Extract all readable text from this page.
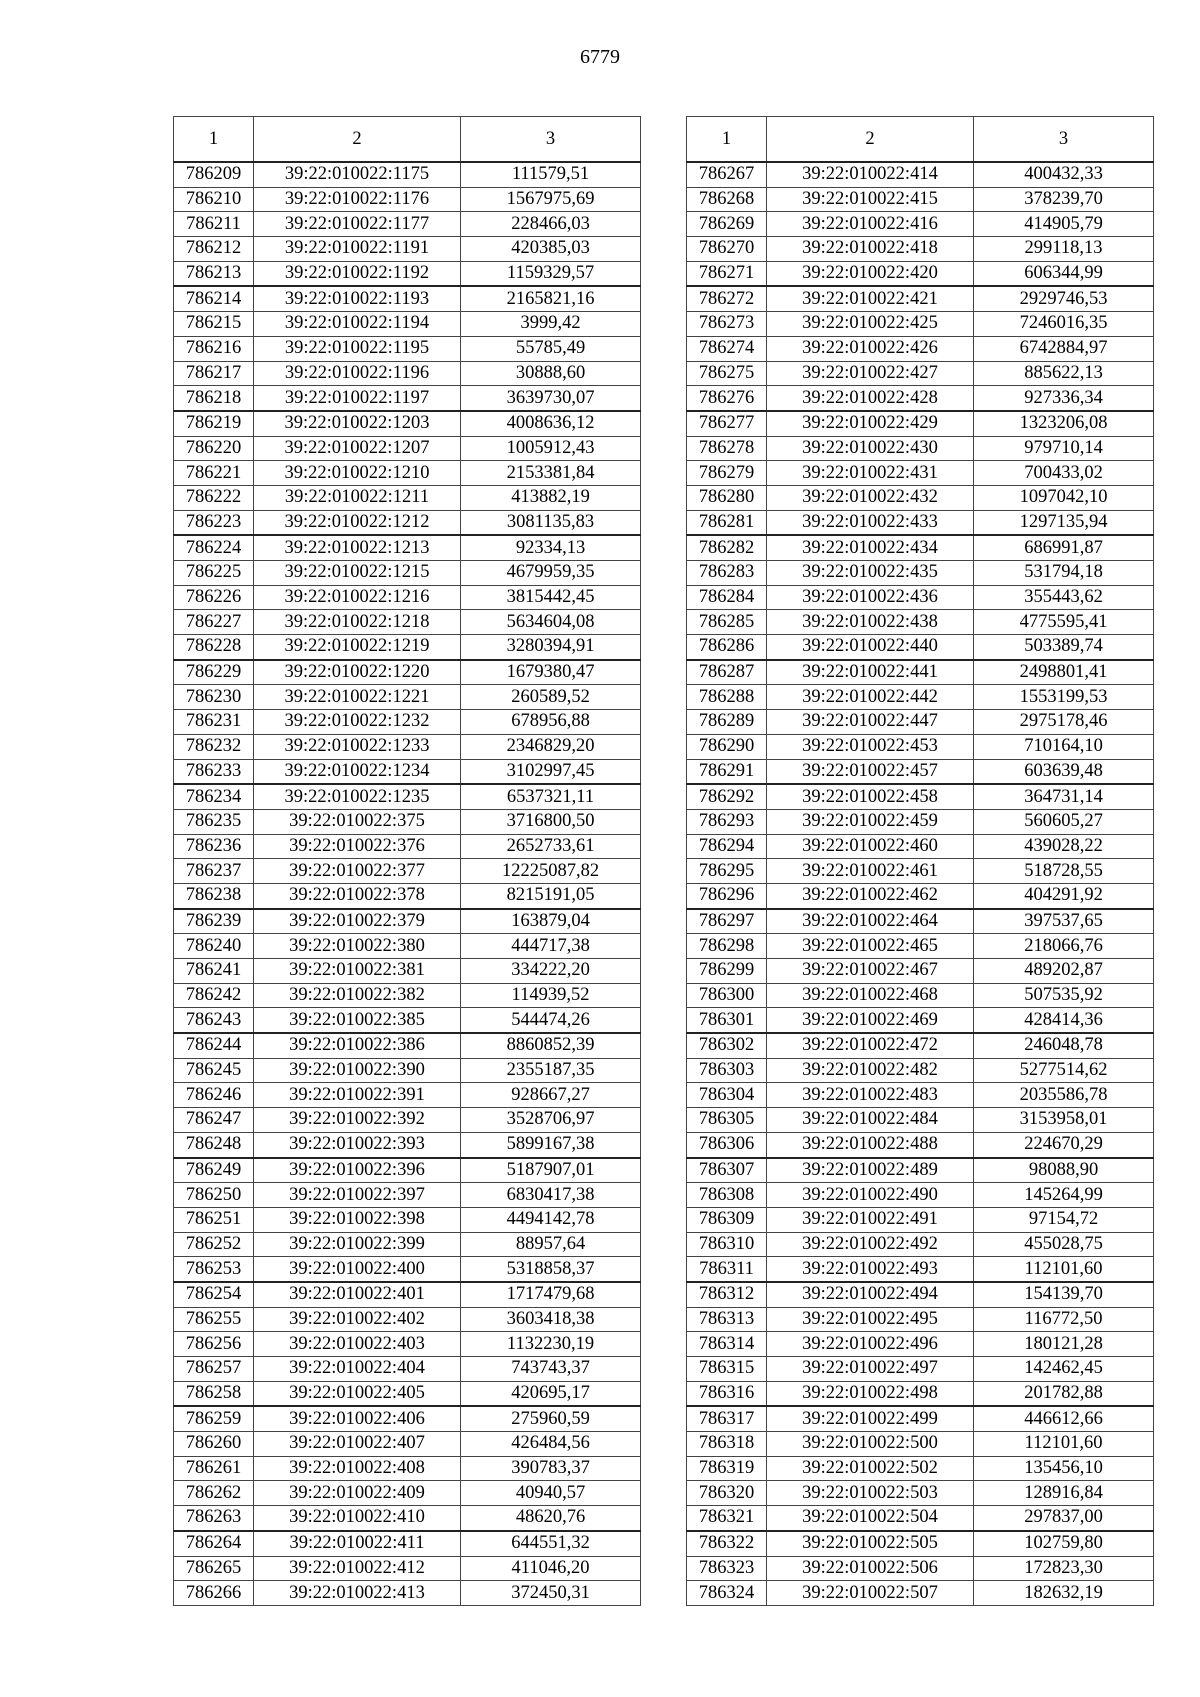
6779
1	2	3
786209	39:22:010022:1175	111579,51
786210	39:22:010022:1176	1567975,69
786211	39:22:010022:1177	228466,03
786212	39:22:010022:1191	420385,03
786213	39:22:010022:1192	1159329,57
786214	39:22:010022:1193	2165821,16
786215	39:22:010022:1194	3999,42
786216	39:22:010022:1195	55785,49
786217	39:22:010022:1196	30888,60
786218	39:22:010022:1197	3639730,07
786219	39:22:010022:1203	4008636,12
786220	39:22:010022:1207	1005912,43
786221	39:22:010022:1210	2153381,84
786222	39:22:010022:1211	413882,19
786223	39:22:010022:1212	3081135,83
786224	39:22:010022:1213	92334,13
786225	39:22:010022:1215	4679959,35
786226	39:22:010022:1216	3815442,45
786227	39:22:010022:1218	5634604,08
786228	39:22:010022:1219	3280394,91
786229	39:22:010022:1220	1679380,47
786230	39:22:010022:1221	260589,52
786231	39:22:010022:1232	678956,88
786232	39:22:010022:1233	2346829,20
786233	39:22:010022:1234	3102997,45
786234	39:22:010022:1235	6537321,11
786235	39:22:010022:375	3716800,50
786236	39:22:010022:376	2652733,61
786237	39:22:010022:377	12225087,82
786238	39:22:010022:378	8215191,05
786239	39:22:010022:379	163879,04
786240	39:22:010022:380	444717,38
786241	39:22:010022:381	334222,20
786242	39:22:010022:382	114939,52
786243	39:22:010022:385	544474,26
786244	39:22:010022:386	8860852,39
786245	39:22:010022:390	2355187,35
786246	39:22:010022:391	928667,27
786247	39:22:010022:392	3528706,97
786248	39:22:010022:393	5899167,38
786249	39:22:010022:396	5187907,01
786250	39:22:010022:397	6830417,38
786251	39:22:010022:398	4494142,78
786252	39:22:010022:399	88957,64
786253	39:22:010022:400	5318858,37
786254	39:22:010022:401	1717479,68
786255	39:22:010022:402	3603418,38
786256	39:22:010022:403	1132230,19
786257	39:22:010022:404	743743,37
786258	39:22:010022:405	420695,17
786259	39:22:010022:406	275960,59
786260	39:22:010022:407	426484,56
786261	39:22:010022:408	390783,37
786262	39:22:010022:409	40940,57
786263	39:22:010022:410	48620,76
786264	39:22:010022:411	644551,32
786265	39:22:010022:412	411046,20
786266	39:22:010022:413	372450,31
1	2	3
786267	39:22:010022:414	400432,33
786268	39:22:010022:415	378239,70
786269	39:22:010022:416	414905,79
786270	39:22:010022:418	299118,13
786271	39:22:010022:420	606344,99
786272	39:22:010022:421	2929746,53
786273	39:22:010022:425	7246016,35
786274	39:22:010022:426	6742884,97
786275	39:22:010022:427	885622,13
786276	39:22:010022:428	927336,34
786277	39:22:010022:429	1323206,08
786278	39:22:010022:430	979710,14
786279	39:22:010022:431	700433,02
786280	39:22:010022:432	1097042,10
786281	39:22:010022:433	1297135,94
786282	39:22:010022:434	686991,87
786283	39:22:010022:435	531794,18
786284	39:22:010022:436	355443,62
786285	39:22:010022:438	4775595,41
786286	39:22:010022:440	503389,74
786287	39:22:010022:441	2498801,41
786288	39:22:010022:442	1553199,53
786289	39:22:010022:447	2975178,46
786290	39:22:010022:453	710164,10
786291	39:22:010022:457	603639,48
786292	39:22:010022:458	364731,14
786293	39:22:010022:459	560605,27
786294	39:22:010022:460	439028,22
786295	39:22:010022:461	518728,55
786296	39:22:010022:462	404291,92
786297	39:22:010022:464	397537,65
786298	39:22:010022:465	218066,76
786299	39:22:010022:467	489202,87
786300	39:22:010022:468	507535,92
786301	39:22:010022:469	428414,36
786302	39:22:010022:472	246048,78
786303	39:22:010022:482	5277514,62
786304	39:22:010022:483	2035586,78
786305	39:22:010022:484	3153958,01
786306	39:22:010022:488	224670,29
786307	39:22:010022:489	98088,90
786308	39:22:010022:490	145264,99
786309	39:22:010022:491	97154,72
786310	39:22:010022:492	455028,75
786311	39:22:010022:493	112101,60
786312	39:22:010022:494	154139,70
786313	39:22:010022:495	116772,50
786314	39:22:010022:496	180121,28
786315	39:22:010022:497	142462,45
786316	39:22:010022:498	201782,88
786317	39:22:010022:499	446612,66
786318	39:22:010022:500	112101,60
786319	39:22:010022:502	135456,10
786320	39:22:010022:503	128916,84
786321	39:22:010022:504	297837,00
786322	39:22:010022:505	102759,80
786323	39:22:010022:506	172823,30
786324	39:22:010022:507	182632,19
